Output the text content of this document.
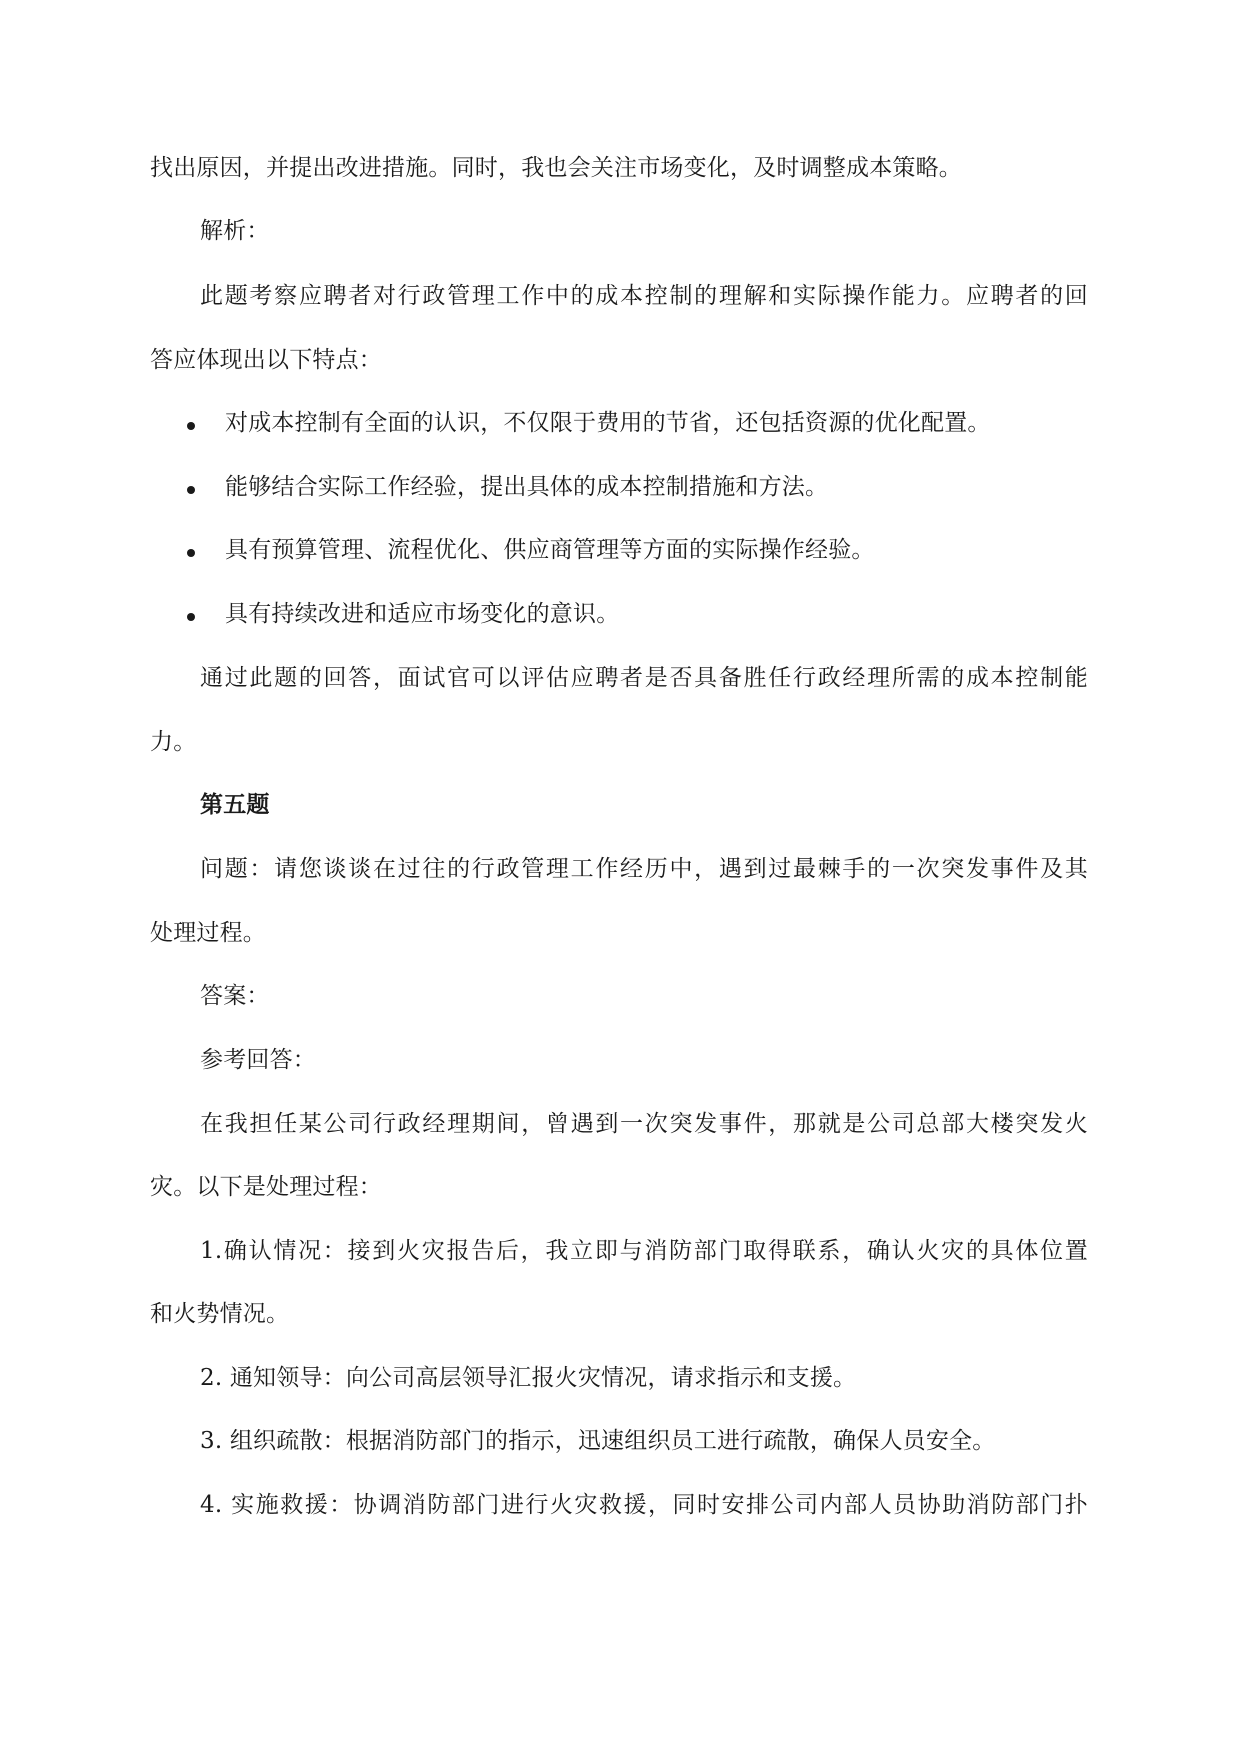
找出原因，并提出改进措施。同时，我也会关注市场变化，及时调整成本策略。
解析：
此题考察应聘者对行政管理工作中的成本控制的理解和实际操作能力。应聘者的回
答应体现出以下特点：
对成本控制有全面的认识，不仅限于费用的节省，还包括资源的优化配置。
能够结合实际工作经验，提出具体的成本控制措施和方法。
具有预算管理、流程优化、供应商管理等方面的实际操作经验。
具有持续改进和适应市场变化的意识。
通过此题的回答，面试官可以评估应聘者是否具备胜任行政经理所需的成本控制能
力。
第五题
问题：请您谈谈在过往的行政管理工作经历中，遇到过最棘手的一次突发事件及其
处理过程。
答案：
参考回答：
在我担任某公司行政经理期间，曾遇到一次突发事件，那就是公司总部大楼突发火
灾。以下是处理过程：
1.确认情况：接到火灾报告后，我立即与消防部门取得联系，确认火灾的具体位置
和火势情况。
2. 通知领导：向公司高层领导汇报火灾情况，请求指示和支援。
3. 组织疏散：根据消防部门的指示，迅速组织员工进行疏散，确保人员安全。
4. 实施救援：协调消防部门进行火灾救援，同时安排公司内部人员协助消防部门扑
